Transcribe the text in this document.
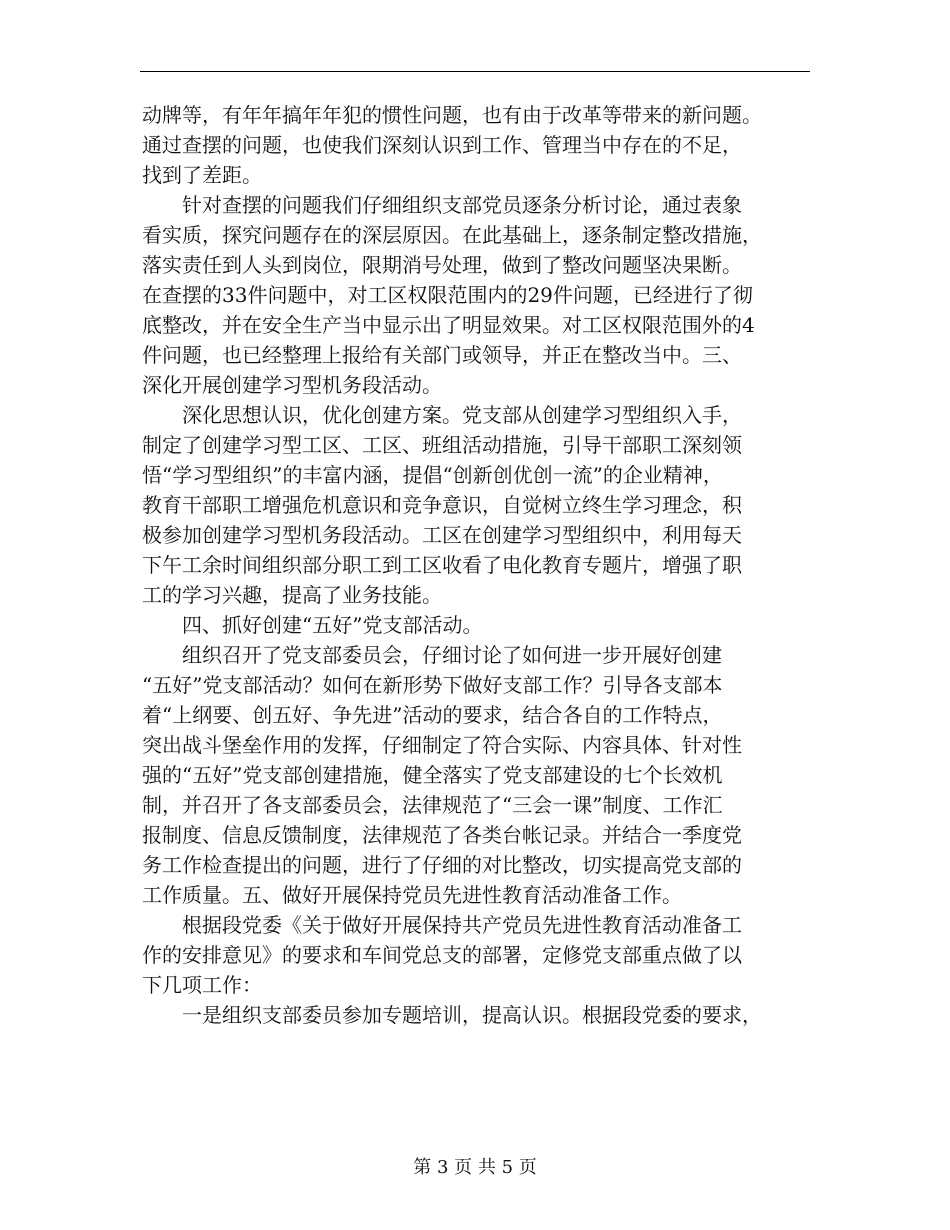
动牌等，有年年搞年年犯的惯性问题，也有由于改革等带来的新问题。
通过查摆的问题，也使我们深刻认识到工作、管理当中存在的不足，
找到了差距。
　　针对查摆的问题我们仔细组织支部党员逐条分析讨论，通过表象
看实质，探究问题存在的深层原因。在此基础上，逐条制定整改措施，
落实责任到人头到岗位，限期消号处理，做到了整改问题坚决果断。
在查摆的33件问题中，对工区权限范围内的29件问题，已经进行了彻
底整改，并在安全生产当中显示出了明显效果。对工区权限范围外的4
件问题，也已经整理上报给有关部门或领导，并正在整改当中。三、
深化开展创建学习型机务段活动。
　　深化思想认识，优化创建方案。党支部从创建学习型组织入手，
制定了创建学习型工区、工区、班组活动措施，引导干部职工深刻领
悟“学习型组织”的丰富内涵，提倡“创新创优创一流”的企业精神，
教育干部职工增强危机意识和竞争意识，自觉树立终生学习理念，积
极参加创建学习型机务段活动。工区在创建学习型组织中，利用每天
下午工余时间组织部分职工到工区收看了电化教育专题片，增强了职
工的学习兴趣，提高了业务技能。
　　四、抓好创建“五好”党支部活动。
　　组织召开了党支部委员会，仔细讨论了如何进一步开展好创建
“五好”党支部活动？如何在新形势下做好支部工作？引导各支部本
着“上纲要、创五好、争先进”活动的要求，结合各自的工作特点，
突出战斗堡垒作用的发挥，仔细制定了符合实际、内容具体、针对性
强的“五好”党支部创建措施，健全落实了党支部建设的七个长效机
制，并召开了各支部委员会，法律规范了“三会一课”制度、工作汇
报制度、信息反馈制度，法律规范了各类台帐记录。并结合一季度党
务工作检查提出的问题，进行了仔细的对比整改，切实提高党支部的
工作质量。五、做好开展保持党员先进性教育活动准备工作。
　　根据段党委《关于做好开展保持共产党员先进性教育活动准备工
作的安排意见》的要求和车间党总支的部署，定修党支部重点做了以
下几项工作：
　　一是组织支部委员参加专题培训，提高认识。根据段党委的要求，
第 3 页 共 5 页
